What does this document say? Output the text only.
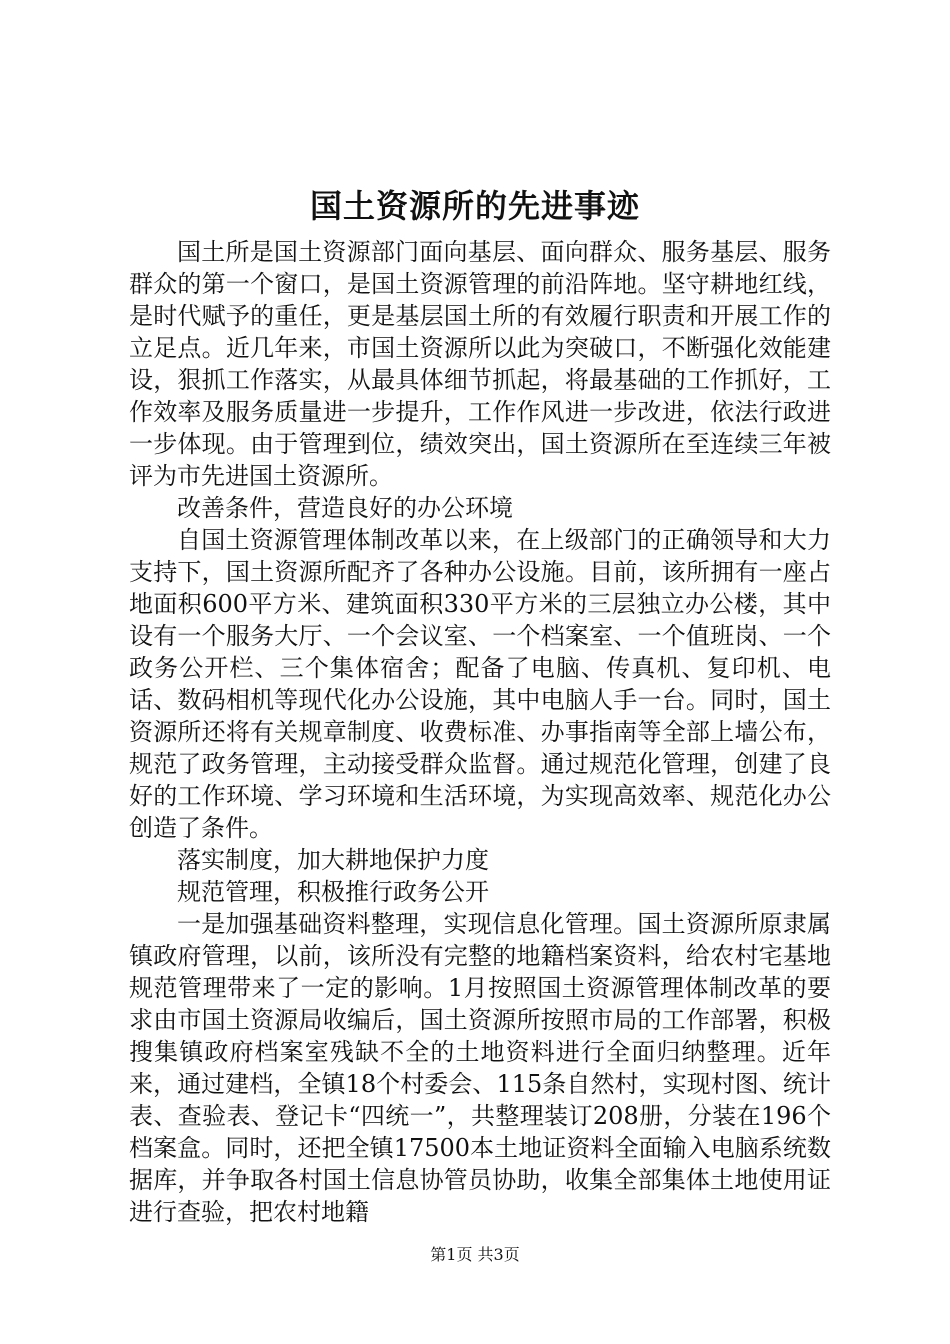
国土资源所的先进事迹

国土所是国土资源部门面向基层、面向群众、服务基层、服务群众的第一个窗口，是国土资源管理的前沿阵地。坚守耕地红线，是时代赋予的重任，更是基层国土所的有效履行职责和开展工作的立足点。近几年来，市国土资源所以此为突破口，不断强化效能建设，狠抓工作落实，从最具体细节抓起，将最基础的工作抓好，工作效率及服务质量进一步提升，工作作风进一步改进，依法行政进一步体现。由于管理到位，绩效突出，国土资源所在至连续三年被评为市先进国土资源所。

改善条件，营造良好的办公环境

自国土资源管理体制改革以来，在上级部门的正确领导和大力支持下，国土资源所配齐了各种办公设施。目前，该所拥有一座占地面积600平方米、建筑面积330平方米的三层独立办公楼，其中设有一个服务大厅、一个会议室、一个档案室、一个值班岗、一个政务公开栏、三个集体宿舍；配备了电脑、传真机、复印机、电话、数码相机等现代化办公设施，其中电脑人手一台。同时，国土资源所还将有关规章制度、收费标准、办事指南等全部上墙公布，规范了政务管理，主动接受群众监督。通过规范化管理，创建了良好的工作环境、学习环境和生活环境，为实现高效率、规范化办公创造了条件。

落实制度，加大耕地保护力度

规范管理，积极推行政务公开

一是加强基础资料整理，实现信息化管理。国土资源所原隶属镇政府管理，以前，该所没有完整的地籍档案资料，给农村宅基地规范管理带来了一定的影响。1月按照国土资源管理体制改革的要求由市国土资源局收编后，国土资源所按照市局的工作部署，积极搜集镇政府档案室残缺不全的土地资料进行全面归纳整理。近年来，通过建档，全镇18个村委会、115条自然村，实现村图、统计表、查验表、登记卡“四统一”，共整理装订208册，分装在196个档案盒。同时，还把全镇17500本土地证资料全面输入电脑系统数据库，并争取各村国土信息协管员协助，收集全部集体土地使用证进行查验，把农村地籍

第1页 共3页
